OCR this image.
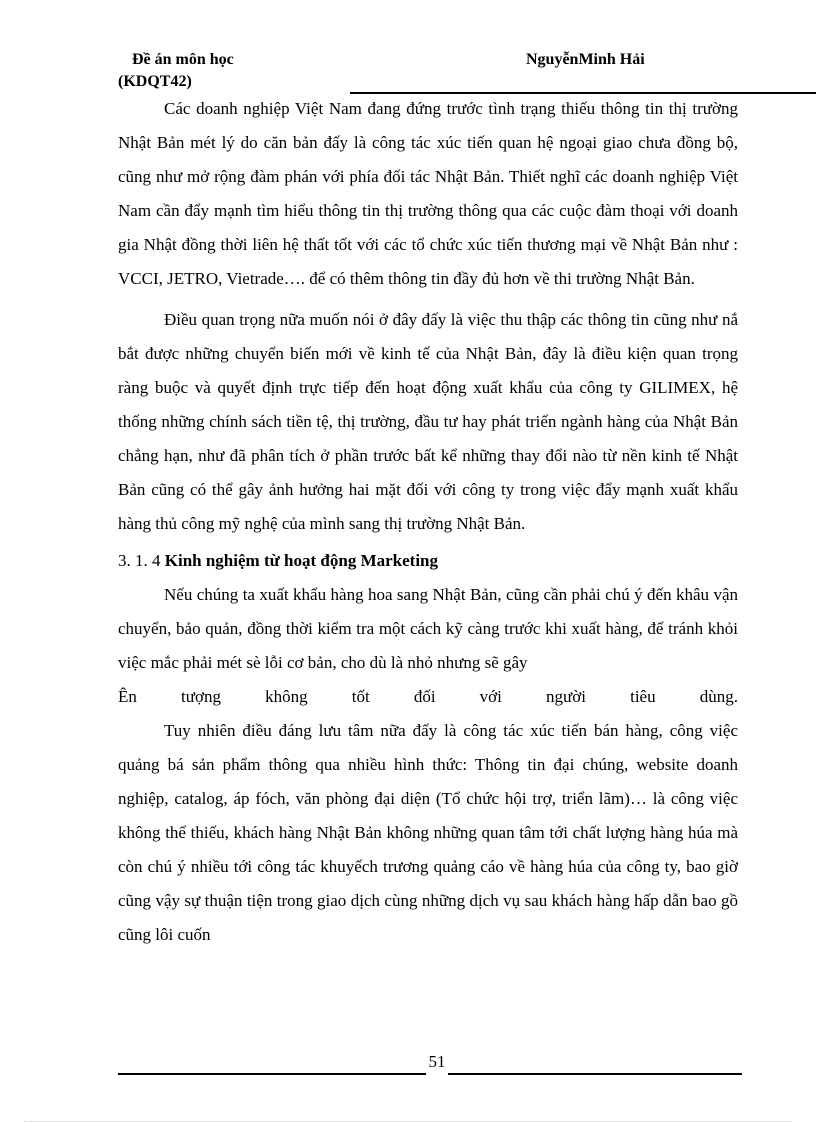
Đề án môn học	NguyễnMinh Hải
(KDQT42)

Các doanh nghiệp Việt Nam đang đứng trước tình trạng thiếu thông tin thị trường Nhật Bản mét lý do căn bản đấy là công tác xúc tiến quan hệ ngoại giao chưa đồng bộ, cũng như mở rộng đàm phán với phía đối tác Nhật Bản. Thiết nghĩ các doanh nghiệp Việt Nam cần đẩy mạnh tìm hiểu thông tin thị trường thông qua các cuộc đàm thoại với doanh gia Nhật đồng thời liên hệ thất tốt với các tổ chức xúc tiến thương mại về Nhật Bản như : VCCI, JETRO, Vietrade…. để có thêm thông tin đầy đủ hơn về thi trường Nhật Bản.

Điều quan trọng nữa muốn nói ở đây đấy là việc thu thập các thông tin cũng như nắ bắt được những chuyển biến mới về kinh tế của Nhật Bản, đây là điều kiện quan trọng ràng buộc và quyết định trực tiếp đến hoạt động xuất khẩu của công ty GILIMEX, hệ thống những chính sách tiền tệ, thị trường, đầu tư hay phát triển ngành hàng của Nhật Bản chẳng hạn, như đã phân tích ở phần trước bất kể những thay đổi nào từ nền kinh tế Nhật Bản cũng có thể gây ảnh hưởng hai mặt đối với công ty trong việc đẩy mạnh xuất khẩu hàng thủ công mỹ nghệ của mình sang thị trường Nhật Bản.

3. 1. 4 Kinh nghiệm từ hoạt động Marketing

Nếu chúng ta xuất khẩu hàng hoa sang Nhật Bản, cũng cần phải chú ý đến khâu vận chuyển, bảo quản, đồng thời kiểm tra một cách kỹ càng trước khi xuất hàng, để tránh khỏi việc mắc phải mét sè lỗi cơ bản, cho dù là nhỏ nhưng sẽ gây

Ên tượng không tốt đối với người tiêu dùng.

Tuy nhiên điều đáng lưu tâm nữa đấy là công tác xúc tiến bán hàng, công việc quảng bá sản phẩm thông qua nhiều hình thức: Thông tin đại chúng, website doanh nghiệp, catalog, áp fóch, văn phòng đại diện (Tổ chức hội trợ, triển lãm)… là công việc không thể thiếu, khách hàng Nhật Bản không những quan tâm tới chất lượng hàng húa mà còn chú ý nhiều tới công tác khuyếch trương quảng cáo về hàng húa của công ty, bao giờ cũng vậy sự thuận tiện trong giao dịch cùng những dịch vụ sau khách hàng hấp dẫn bao gồ cũng lôi cuốn

51
